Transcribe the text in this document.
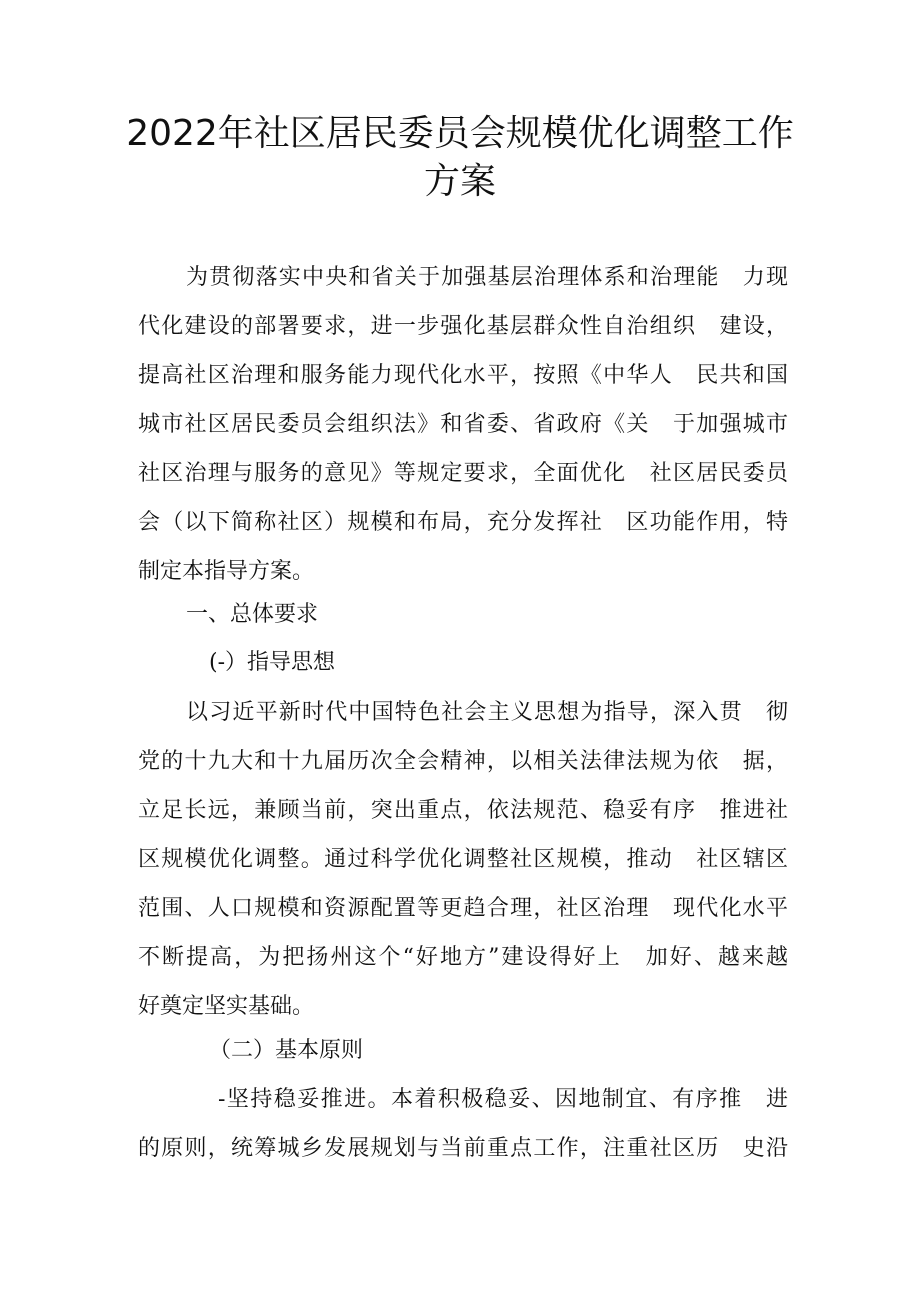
2022年社区居民委员会规模优化调整工作
方案
为贯彻落实中央和省关于加强基层治理体系和治理能　力现
代化建设的部署要求，进一步强化基层群众性自治组织　建设，
提高社区治理和服务能力现代化水平，按照《中华人　民共和国
城市社区居民委员会组织法》和省委、省政府《关　于加强城市
社区治理与服务的意见》等规定要求，全面优化　社区居民委员
会（以下简称社区）规模和布局，充分发挥社　区功能作用，特
制定本指导方案。
一、总体要求
(-）指导思想
以习近平新时代中国特色社会主义思想为指导，深入贯　彻
党的十九大和十九届历次全会精神，以相关法律法规为依　据，
立足长远，兼顾当前，突出重点，依法规范、稳妥有序　推进社
区规模优化调整。通过科学优化调整社区规模，推动　社区辖区
范围、人口规模和资源配置等更趋合理，社区治理　现代化水平
不断提高，为把扬州这个“好地方”建设得好上　加好、越来越
好奠定坚实基础。
（二）基本原则
-坚持稳妥推进。本着积极稳妥、因地制宜、有序推　进
的原则，统筹城乡发展规划与当前重点工作，注重社区历　史沿
